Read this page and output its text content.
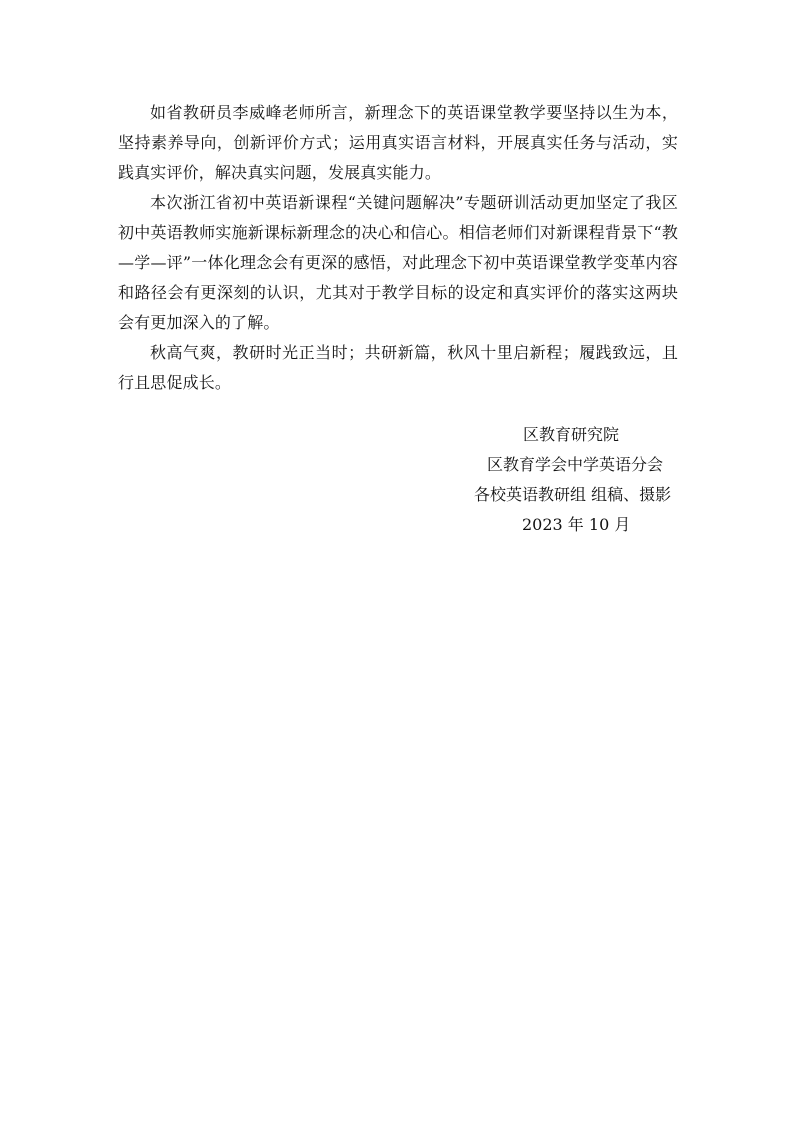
如省教研员李威峰老师所言，新理念下的英语课堂教学要坚持以生为本，坚持素养导向，创新评价方式；运用真实语言材料，开展真实任务与活动，实践真实评价，解决真实问题，发展真实能力。

本次浙江省初中英语新课程“关键问题解决”专题研训活动更加坚定了我区初中英语教师实施新课标新理念的决心和信心。相信老师们对新课程背景下“教—学—评”一体化理念会有更深的感悟，对此理念下初中英语课堂教学变革内容和路径会有更深刻的认识，尤其对于教学目标的设定和真实评价的落实这两块会有更加深入的了解。

秋高气爽，教研时光正当时；共研新篇，秋风十里启新程；履践致远，且行且思促成长。

区教育研究院
区教育学会中学英语分会
各校英语教研组 组稿、摄影
2023 年 10 月
